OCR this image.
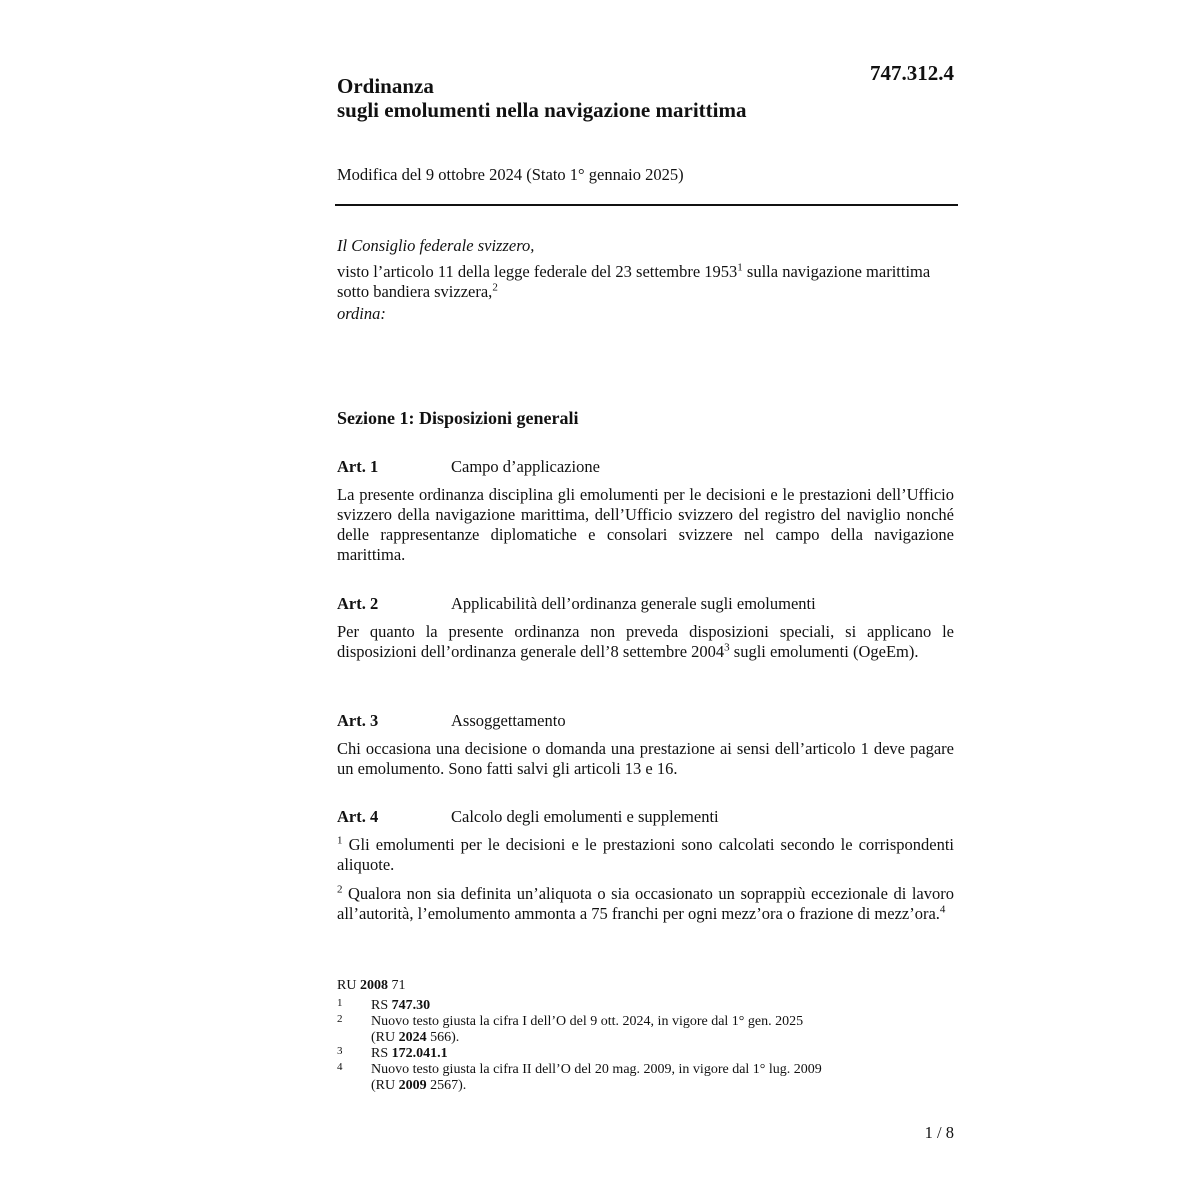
747.312.4
Ordinanza
sugli emolumenti nella navigazione marittima
Modifica del 9 ottobre 2024 (Stato 1° gennaio 2025)
Il Consiglio federale svizzero,
visto l’articolo 11 della legge federale del 23 settembre 1953$^1$ sulla navigazione marittima sotto bandiera svizzera,$^2$
ordina:
Sezione 1: Disposizioni generali
Art. 1	Campo d’applicazione
La presente ordinanza disciplina gli emolumenti per le decisioni e le prestazioni dell’Ufficio svizzero della navigazione marittima, dell’Ufficio svizzero del registro del naviglio nonché delle rappresentanze diplomatiche e consolari svizzere nel campo della navigazione marittima.
Art. 2	Applicabilità dell’ordinanza generale sugli emolumenti
Per quanto la presente ordinanza non preveda disposizioni speciali, si applicano le disposizioni dell’ordinanza generale dell’8 settembre 2004$^3$ sugli emolumenti (OgeEm).
Art. 3	Assoggettamento
Chi occasiona una decisione o domanda una prestazione ai sensi dell’articolo 1 deve pagare un emolumento. Sono fatti salvi gli articoli 13 e 16.
Art. 4	Calcolo degli emolumenti e supplementi
$^1$ Gli emolumenti per le decisioni e le prestazioni sono calcolati secondo le corrispondenti aliquote.
$^2$ Qualora non sia definita un’aliquota o sia occasionato un soprappiù eccezionale di lavoro all’autorità, l’emolumento ammonta a 75 franchi per ogni mezz’ora o frazione di mezz’ora.$^4$
RU 2008 71
1 RS 747.30
2 Nuovo testo giusta la cifra I dell’O del 9 ott. 2024, in vigore dal 1° gen. 2025
(RU 2024 566).
3 RS 172.041.1
4 Nuovo testo giusta la cifra II dell’O del 20 mag. 2009, in vigore dal 1° lug. 2009
(RU 2009 2567).
1 / 8
